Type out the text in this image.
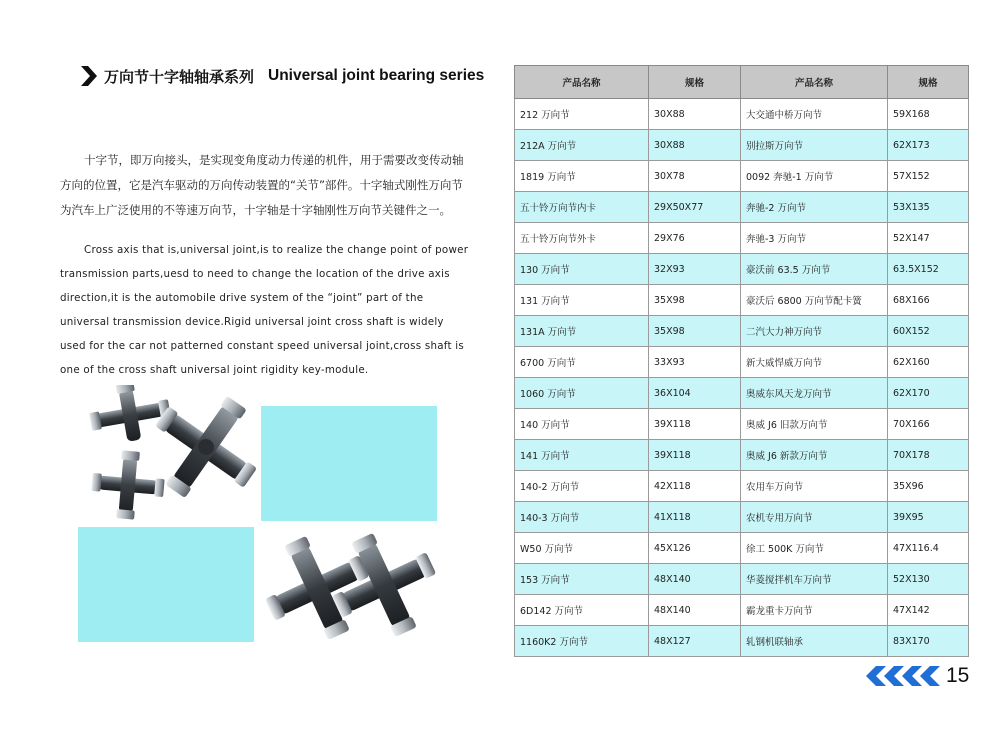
万向节十字轴轴承系列 Universal joint bearing series
十字节，即万向接头，是实现变角度动力传递的机件，用于需要改变传动轴方向的位置，它是汽车驱动的万向传动装置的“关节”部件。十字轴式刚性万向节为汽车上广泛使用的不等速万向节，十字轴是十字轴刚性万向节关键件之一。
Cross axis that is,universal joint,is to realize the change point of power transmission parts,uesd to need to change the location of the drive axis direction,it is the automobile drive system of the “joint” part of the universal transmission device.Rigid universal joint cross shaft is widely used for the car not patterned constant speed universal joint,cross shaft is one of the cross shaft universal joint rigidity key-module.
产品名称	规格	产品名称	规格
212 万向节	30X88	大交通中桥万向节	59X168
212A 万向节	30X88	别拉斯万向节	62X173
1819 万向节	30X78	0092 奔驰-1 万向节	57X152
五十铃万向节内卡	29X50X77	奔驰-2 万向节	53X135
五十铃万向节外卡	29X76	奔驰-3 万向节	52X147
130 万向节	32X93	豪沃前 63.5 万向节	63.5X152
131 万向节	35X98	豪沃后 6800 万向节配卡簧	68X166
131A 万向节	35X98	二汽大力神万向节	60X152
6700 万向节	33X93	新大威悍威万向节	62X160
1060 万向节	36X104	奥威东风天龙万向节	62X170
140 万向节	39X118	奥威 J6 旧款万向节	70X166
141 万向节	39X118	奥威 J6 新款万向节	70X178
140-2 万向节	42X118	农用车万向节	35X96
140-3 万向节	41X118	农机专用万向节	39X95
W50 万向节	45X126	徐工 500K 万向节	47X116.4
153 万向节	48X140	华菱搅拌机车万向节	52X130
6D142 万向节	48X140	霸龙重卡万向节	47X142
1160K2 万向节	48X127	轧钢机联轴承	83X170
15
